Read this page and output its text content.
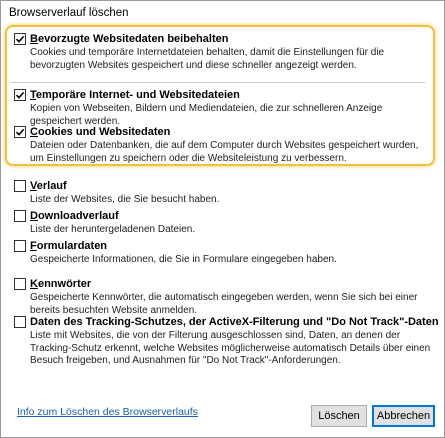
Browserverlauf löschen
Bevorzugte Websitedaten beibehalten
Cookies und temporäre Internetdateien behalten, damit die Einstellungen für die bevorzugten Websites gespeichert und diese schneller angezeigt werden.
Temporäre Internet- und Websitedateien
Kopien von Webseiten, Bildern und Mediendateien, die zur schnelleren Anzeige gespeichert werden.
Cookies und Websitedaten
Dateien oder Datenbanken, die auf dem Computer durch Websites gespeichert wurden, um Einstellungen zu speichern oder die Websiteleistung zu verbessern.
Verlauf
Liste der Websites, die Sie besucht haben.
Downloadverlauf
Liste der heruntergeladenen Dateien.
Formulardaten
Gespeicherte Informationen, die Sie in Formulare eingegeben haben.
Kennwörter
Gespeicherte Kennwörter, die automatisch eingegeben werden, wenn Sie sich bei einer bereits besuchten Website anmelden.
Daten des Tracking-Schutzes, der ActiveX-Filterung und "Do Not Track"-Daten
Liste mit Websites, die von der Filterung ausgeschlossen sind, Daten, an denen der Tracking-Schutz erkennt, welche Websites möglicherweise automatisch Details über einen Besuch freigeben, und Ausnahmen für "Do Not Track"-Anforderungen.
Info zum Löschen des Browserverlaufs	Löschen	Abbrechen
